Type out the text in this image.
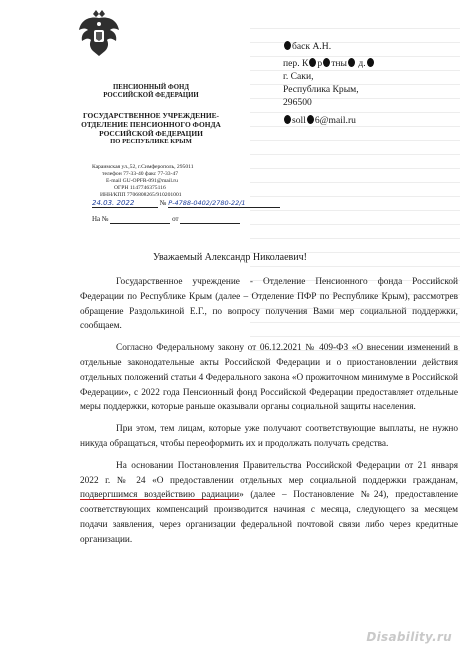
ПЕНСИОННЫЙ ФОНД
РОССИЙСКОЙ ФЕДЕРАЦИИ
ГОСУДАРСТВЕННОЕ УЧРЕЖДЕНИЕ-
ОТДЕЛЕНИЕ ПЕНСИОННОГО ФОНДА
РОССИЙСКОЙ ФЕДЕРАЦИИ
ПО РЕСПУБЛИКЕ КРЫМ
Караимская ул.,52, г.Симферополь, 295011
телефон 77-33-40 факс 77-33-47
E-mail GU-OPFR-091@mail.ru
ОГРН 1147746375116
ИНН/КПП 7706808265/910201001
24.03. 2022	№ Р-4788-0402/2780-22/1
На №	от
баск А.Н.
пер. К р тны д.
г. Саки,
Республика Крым,
296500
soll 6@mail.ru
Уважаемый Александр Николаевич!

Государственное учреждение - Отделение Пенсионного фонда Российской Федерации по Республике Крым (далее – Отделение ПФР по Республике Крым), рассмотрев обращение Раздолькиной Е.Г., по вопросу получения Вами мер социальной поддержки, сообщаем.

Согласно Федеральному закону от 06.12.2021 № 409-ФЗ «О внесении изменений в отдельные законодательные акты Российской Федерации и о приостановлении действия отдельных положений статьи 4 Федерального закона «О прожиточном минимуме в Российской Федерации», с 2022 года Пенсионный фонд Российской Федерации предоставляет отдельные меры поддержки, которые раньше оказывали органы социальной защиты населения.

При этом, тем лицам, которые уже получают соответствующие выплаты, не нужно никуда обращаться, чтобы переоформить их и продолжать получать средства.

На основании Постановления Правительства Российской Федерации от 21 января 2022 г. № 24 «О предоставлении отдельных мер социальной поддержки гражданам, подвергшимся воздействию радиации» (далее – Постановление №24), предоставление соответствующих компенсаций производится начиная с месяца, следующего за месяцем подачи заявления, через организации федеральной почтовой связи либо через кредитные организации.

Disability.ru
